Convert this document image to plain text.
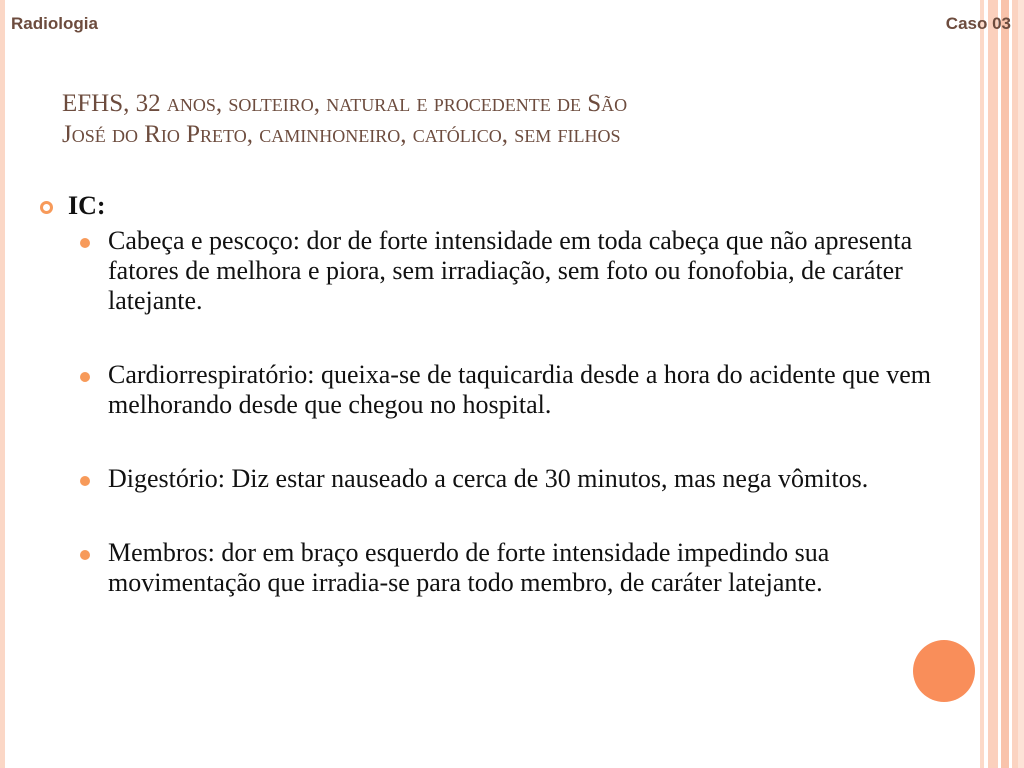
Radiologia	Caso 03
EFHS, 32 anos, solteiro, natural e procedente de São
José do Rio Preto, caminhoneiro, católico, sem filhos
IC:
Cabeça e pescoço: dor de forte intensidade em toda cabeça que não apresenta fatores de melhora e piora, sem irradiação, sem foto ou fonofobia, de caráter latejante.
Cardiorrespiratório: queixa-se de taquicardia desde a hora do acidente que vem melhorando desde que chegou no hospital.
Digestório: Diz estar nauseado a cerca de 30 minutos, mas nega vômitos.
Membros: dor em braço esquerdo de forte intensidade impedindo sua movimentação que irradia-se para todo membro, de caráter latejante.
